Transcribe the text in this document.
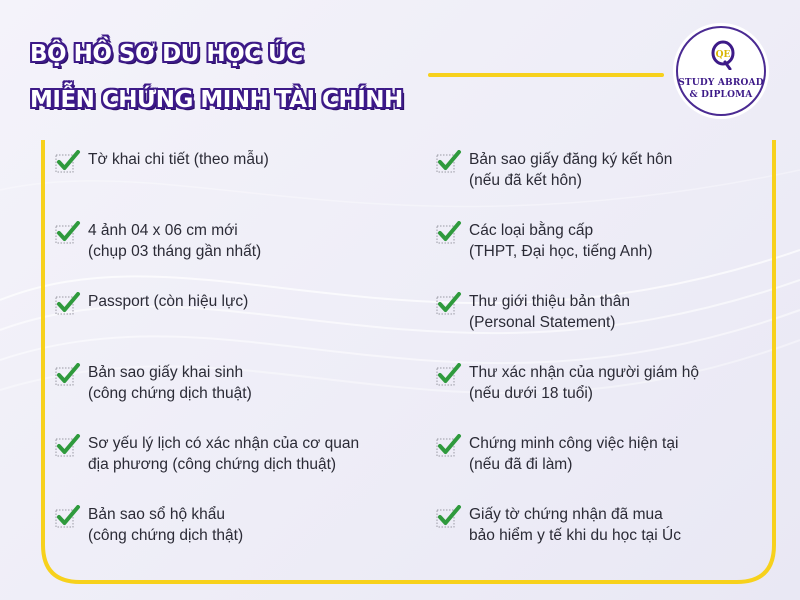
BỘ HỒ SƠ DU HỌC ÚC
MIỄN CHỨNG MINH TÀI CHÍNH
QE
STUDY ABROAD
& DIPLOMA

Tờ khai chi tiết (theo mẫu)

4 ảnh 04 x 06 cm mới
(chụp 03 tháng gần nhất)

Passport (còn hiệu lực)

Bản sao giấy khai sinh
(công chứng dịch thuật)

Sơ yếu lý lịch có xác nhận của cơ quan
địa phương (công chứng dịch thuật)

Bản sao sổ hộ khẩu
(công chứng dịch thật)

Bản sao giấy đăng ký kết hôn
(nếu đã kết hôn)

Các loại bằng cấp
(THPT, Đại học, tiếng Anh)

Thư giới thiệu bản thân
(Personal Statement)

Thư xác nhận của người giám hộ
(nếu dưới 18 tuổi)

Chứng minh công việc hiện tại
(nếu đã đi làm)

Giấy tờ chứng nhận đã mua
bảo hiểm y tế khi du học tại Úc
